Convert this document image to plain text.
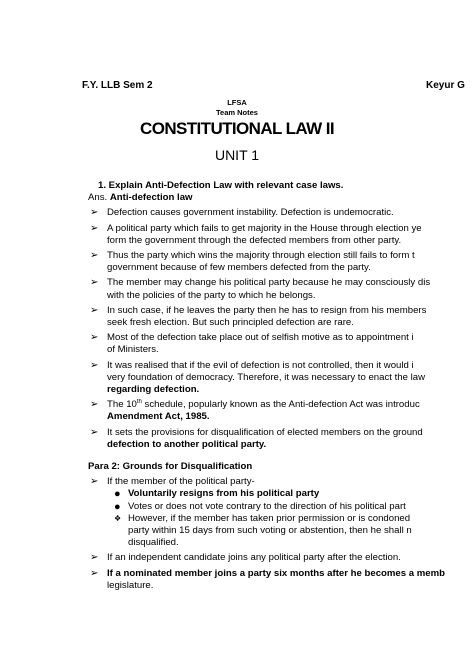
F.Y. LLB Sem 2	Keyur G
LFSA
Team Notes
CONSTITUTIONAL LAW II
UNIT 1

1. Explain Anti-Defection Law with relevant case laws.

Ans. Anti-defection law

➢ Defection causes government instability. Defection is undemocratic.
➢ A political party which fails to get majority in the House through election ye
form the government through the defected members from other party.
➢ Thus the party which wins the majority through election still fails to form t
government because of few members defected from the party.
➢ The member may change his political party because he may consciously dis
with the policies of the party to which he belongs.
➢ In such case, if he leaves the party then he has to resign from his members
seek fresh election. But such principled defection are rare.
➢ Most of the defection take place out of selfish motive as to appointment i
of Ministers.
➢ It was realised that if the evil of defection is not controlled, then it would i
very foundation of democracy. Therefore, it was necessary to enact the law
regarding defection.
➢ The 10th schedule, popularly known as the Anti-defection Act was introduc
Amendment Act, 1985.
➢ It sets the provisions for disqualification of elected members on the ground
defection to another political party.
Para 2: Grounds for Disqualification
➢ If the member of the political party-
● Voluntarily resigns from his political party
● Votes or does not vote contrary to the direction of his political part
❖ However, if the member has taken prior permission or is condoned
party within 15 days from such voting or abstention, then he shall n
disqualified.
➢ If an independent candidate joins any political party after the election.
➢ If a nominated member joins a party six months after he becomes a memb
legislature.
